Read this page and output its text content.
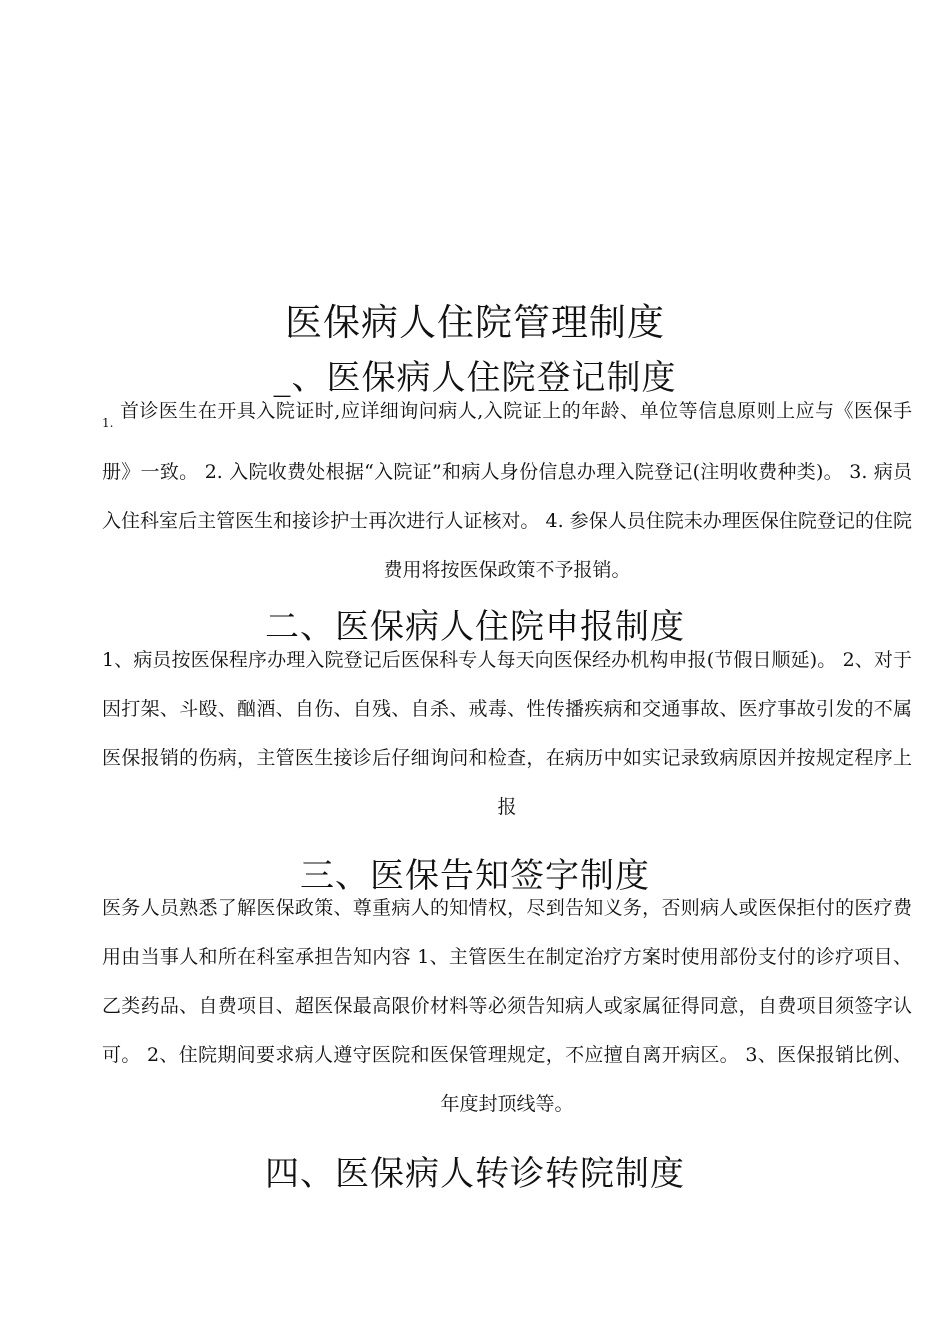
医保病人住院管理制度
_、医保病人住院登记制度

$_{1.}$首诊医生在开具入院证时,应详细询问病人,入院证上的年龄、单位等信息原则上应与《医保手册》一致。 2. 入院收费处根据“入院证”和病人身份信息办理入院登记(注明收费种类)。 3. 病员入住科室后主管医生和接诊护士再次进行人证核对。 4. 参保人员住院未办理医保住院登记的住院费用将按医保政策不予报销。

二、医保病人住院申报制度

1、病员按医保程序办理入院登记后医保科专人每天向医保经办机构申报(节假日顺延)。 2、对于因打架、斗殴、酗酒、自伤、自残、自杀、戒毒、性传播疾病和交通事故、医疗事故引发的不属医保报销的伤病，主管医生接诊后仔细询问和检查，在病历中如实记录致病原因并按规定程序上报

三、医保告知签字制度

医务人员熟悉了解医保政策、尊重病人的知情权，尽到告知义务，否则病人或医保拒付的医疗费用由当事人和所在科室承担告知内容 1、主管医生在制定治疗方案时使用部份支付的诊疗项目、乙类药品、自费项目、超医保最高限价材料等必须告知病人或家属征得同意，自费项目须签字认可。 2、住院期间要求病人遵守医院和医保管理规定，不应擅自离开病区。 3、医保报销比例、年度封顶线等。

四、医保病人转诊转院制度
